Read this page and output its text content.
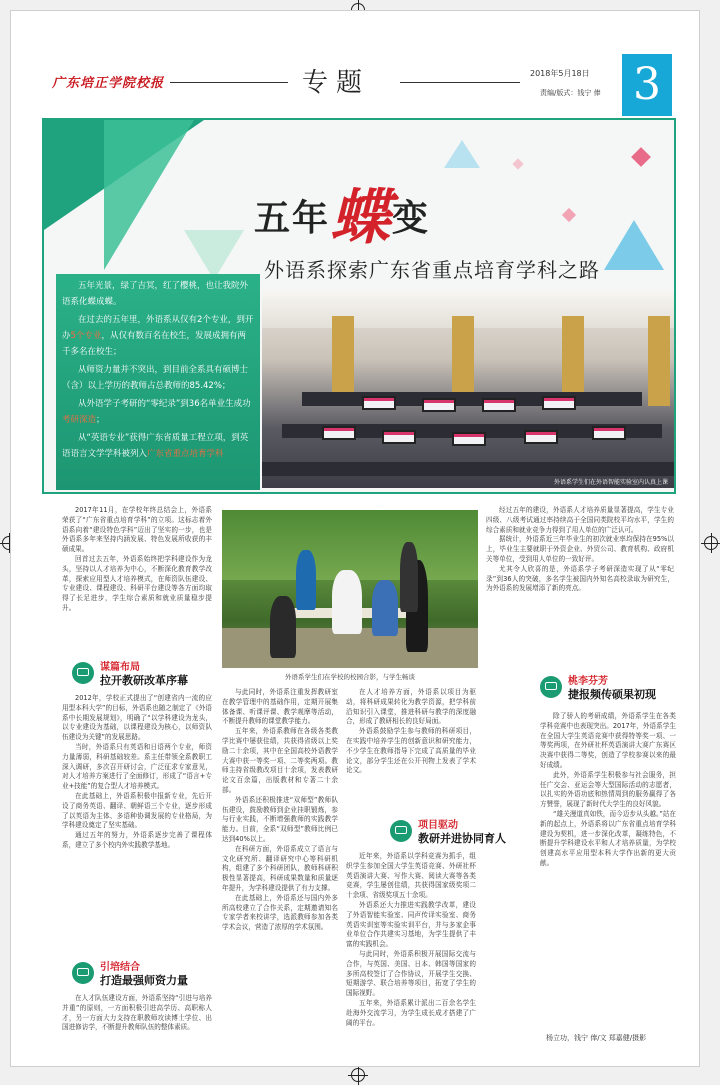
广东培正学院校报	专题	2018年5月18日
责编/版式：钱宁 俸 3
五年蝶变
外语系探索广东省重点培育学科之路

五年光景，绿了吉冥，红了樱桃，也让我院外语系化蝶成蝶。

在过去的五年里，外语系从仅有2个专业，到开办5个专业，从仅有数百名在校生，发展成拥有两千多名在校生；

从师资力量并不突出，到目前全系具有硕博士（含）以上学历的教师占总教师的85.42%；

从外语学子考研的“零纪录”到36名单业生成功考研深造；

从“英语专业”获得广东省质量工程立项，到英语语言文学学科被列入广东省重点培育学科

外语系学生们在外语智能实验室内认真上课

2017年11月，在学校年终总结会上，外语系荣获了“广东省重点培育学科”的立项。这标志着外语系向着“建设特色学科”迈出了坚实的一步，也是外语系多年来坚持内涵发展、特色发展所收获的丰硕成果。

回首过去五年，外语系始终把学科建设作为龙头，坚持以人才培养为中心，不断深化教育教学改革，探索应用型人才培养模式，在师资队伍建设、专业建设、课程建设、科研平台建设等各方面均取得了长足进步，学生综合素质和就业质量稳步提升。

谋篇布局
拉开教研改革序幕

2012年，学校正式提出了“创建省内一流的应用型本科大学”的目标，外语系也随之制定了《外语系中长期发展规划》，明确了“以学科建设为龙头，以专业建设为基础，以课程建设为核心，以师资队伍建设为关键”的发展思路。

当时，外语系只有英语和日语两个专业，师资力量薄弱，科研基础较差。系主任带领全系教职工深入调研，多次召开研讨会，广泛征求专家意见，对人才培养方案进行了全面修订，形成了“语言+专业+技能”的复合型人才培养模式。

在此基础上，外语系积极申报新专业，先后开设了商务英语、翻译、朝鲜语三个专业，逐步形成了以英语为主体、多语种协调发展的专业格局，为学科建设奠定了坚实基础。

通过五年的努力，外语系逐步完善了课程体系，建立了多个校内外实践教学基地。

引培结合
打造最强师资力量

在人才队伍建设方面，外语系坚持“引进与培养并重”的原则，一方面积极引进高学历、高职称人才，另一方面大力支持在职教师攻读博士学位、出国进修访学，不断提升教师队伍的整体素质。

外语系学生们在学校的校园合影，与学生畅谈

与此同时，外语系注重发挥教研室在教学管理中的基础作用，定期开展集体备课、听课评课、教学观摩等活动，不断提升教师的课堂教学能力。

五年来，外语系教师在各级各类教学比赛中屡获佳绩，共获得省级以上奖励二十余项，其中在全国高校外语教学大赛中获一等奖一项、二等奖两项。教师主持省级教改项目十余项，发表教研论文百余篇，出版教材和专著二十余部。

外语系还积极推进“双师型”教师队伍建设，鼓励教师到企业挂职锻炼，参与行业实践，不断增强教师的实践教学能力。目前，全系“双师型”教师比例已达到40%以上。

在科研方面，外语系成立了语言与文化研究所、翻译研究中心等科研机构，组建了多个科研团队，教师科研积极性显著提高，科研成果数量和质量逐年提升，为学科建设提供了有力支撑。

在此基础上，外语系还与国内外多所高校建立了合作关系，定期邀请知名专家学者来校讲学，选派教师参加各类学术会议，营造了浓厚的学术氛围。

在人才培养方面，外语系以项目为驱动，将科研成果转化为教学资源，把学科前沿知识引入课堂，推进科研与教学的深度融合，形成了教研相长的良好局面。

外语系鼓励学生参与教师的科研项目，在实践中培养学生的创新意识和研究能力，不少学生在教师指导下完成了高质量的毕业论文，部分学生还在公开刊物上发表了学术论文。

项目驱动
教研并进协同育人

近年来，外语系以学科竞赛为抓手，组织学生参加全国大学生英语竞赛、外研社杯英语演讲大赛、写作大赛、阅读大赛等各类竞赛，学生屡创佳绩，共获得国家级奖项二十余项、省级奖项五十余项。

外语系还大力推进实践教学改革，建设了外语智能实验室、同声传译实验室、商务英语实训室等实验实训平台，并与多家企事业单位合作共建实习基地，为学生提供了丰富的实践机会。

与此同时，外语系积极开展国际交流与合作，与英国、美国、日本、韩国等国家的多所高校签订了合作协议，开展学生交换、短期游学、联合培养等项目，拓宽了学生的国际视野。

五年来，外语系累计派出二百余名学生赴海外交流学习，为学生成长成才搭建了广阔的平台。

经过五年的建设，外语系人才培养质量显著提高，学生专业四级、八级考试通过率持续高于全国同类院校平均水平，学生的综合素质和就业竞争力得到了用人单位的广泛认可。

据统计，外语系近三年毕业生的初次就业率均保持在95%以上，毕业生主要就职于外资企业、外贸公司、教育机构、政府机关等单位，受到用人单位的一致好评。

尤其令人欣喜的是，外语系学子考研深造实现了从“零纪录”到36人的突破，多名学生被国内外知名高校录取为研究生，为外语系的发展增添了新的亮点。

桃李芬芳
捷报频传硕果初现

除了骄人的考研成绩，外语系学生在各类学科竞赛中也表现突出。2017年，外语系学生在全国大学生英语竞赛中获得特等奖一项、一等奖两项，在外研社杯英语演讲大赛广东赛区决赛中获得二等奖，创造了学校参赛以来的最好成绩。

此外，外语系学生积极参与社会服务，担任广交会、亚运会等大型国际活动的志愿者，以扎实的外语功底和热情周到的服务赢得了各方赞誉，展现了新时代大学生的良好风貌。

“雄关漫道真如铁，而今迈步从头越。”站在新的起点上，外语系将以广东省重点培育学科建设为契机，进一步深化改革，凝练特色，不断提升学科建设水平和人才培养质量，为学校创建高水平应用型本科大学作出新的更大贡献。

杨立功，钱宁 俸/文 郑嘉健/摄影
